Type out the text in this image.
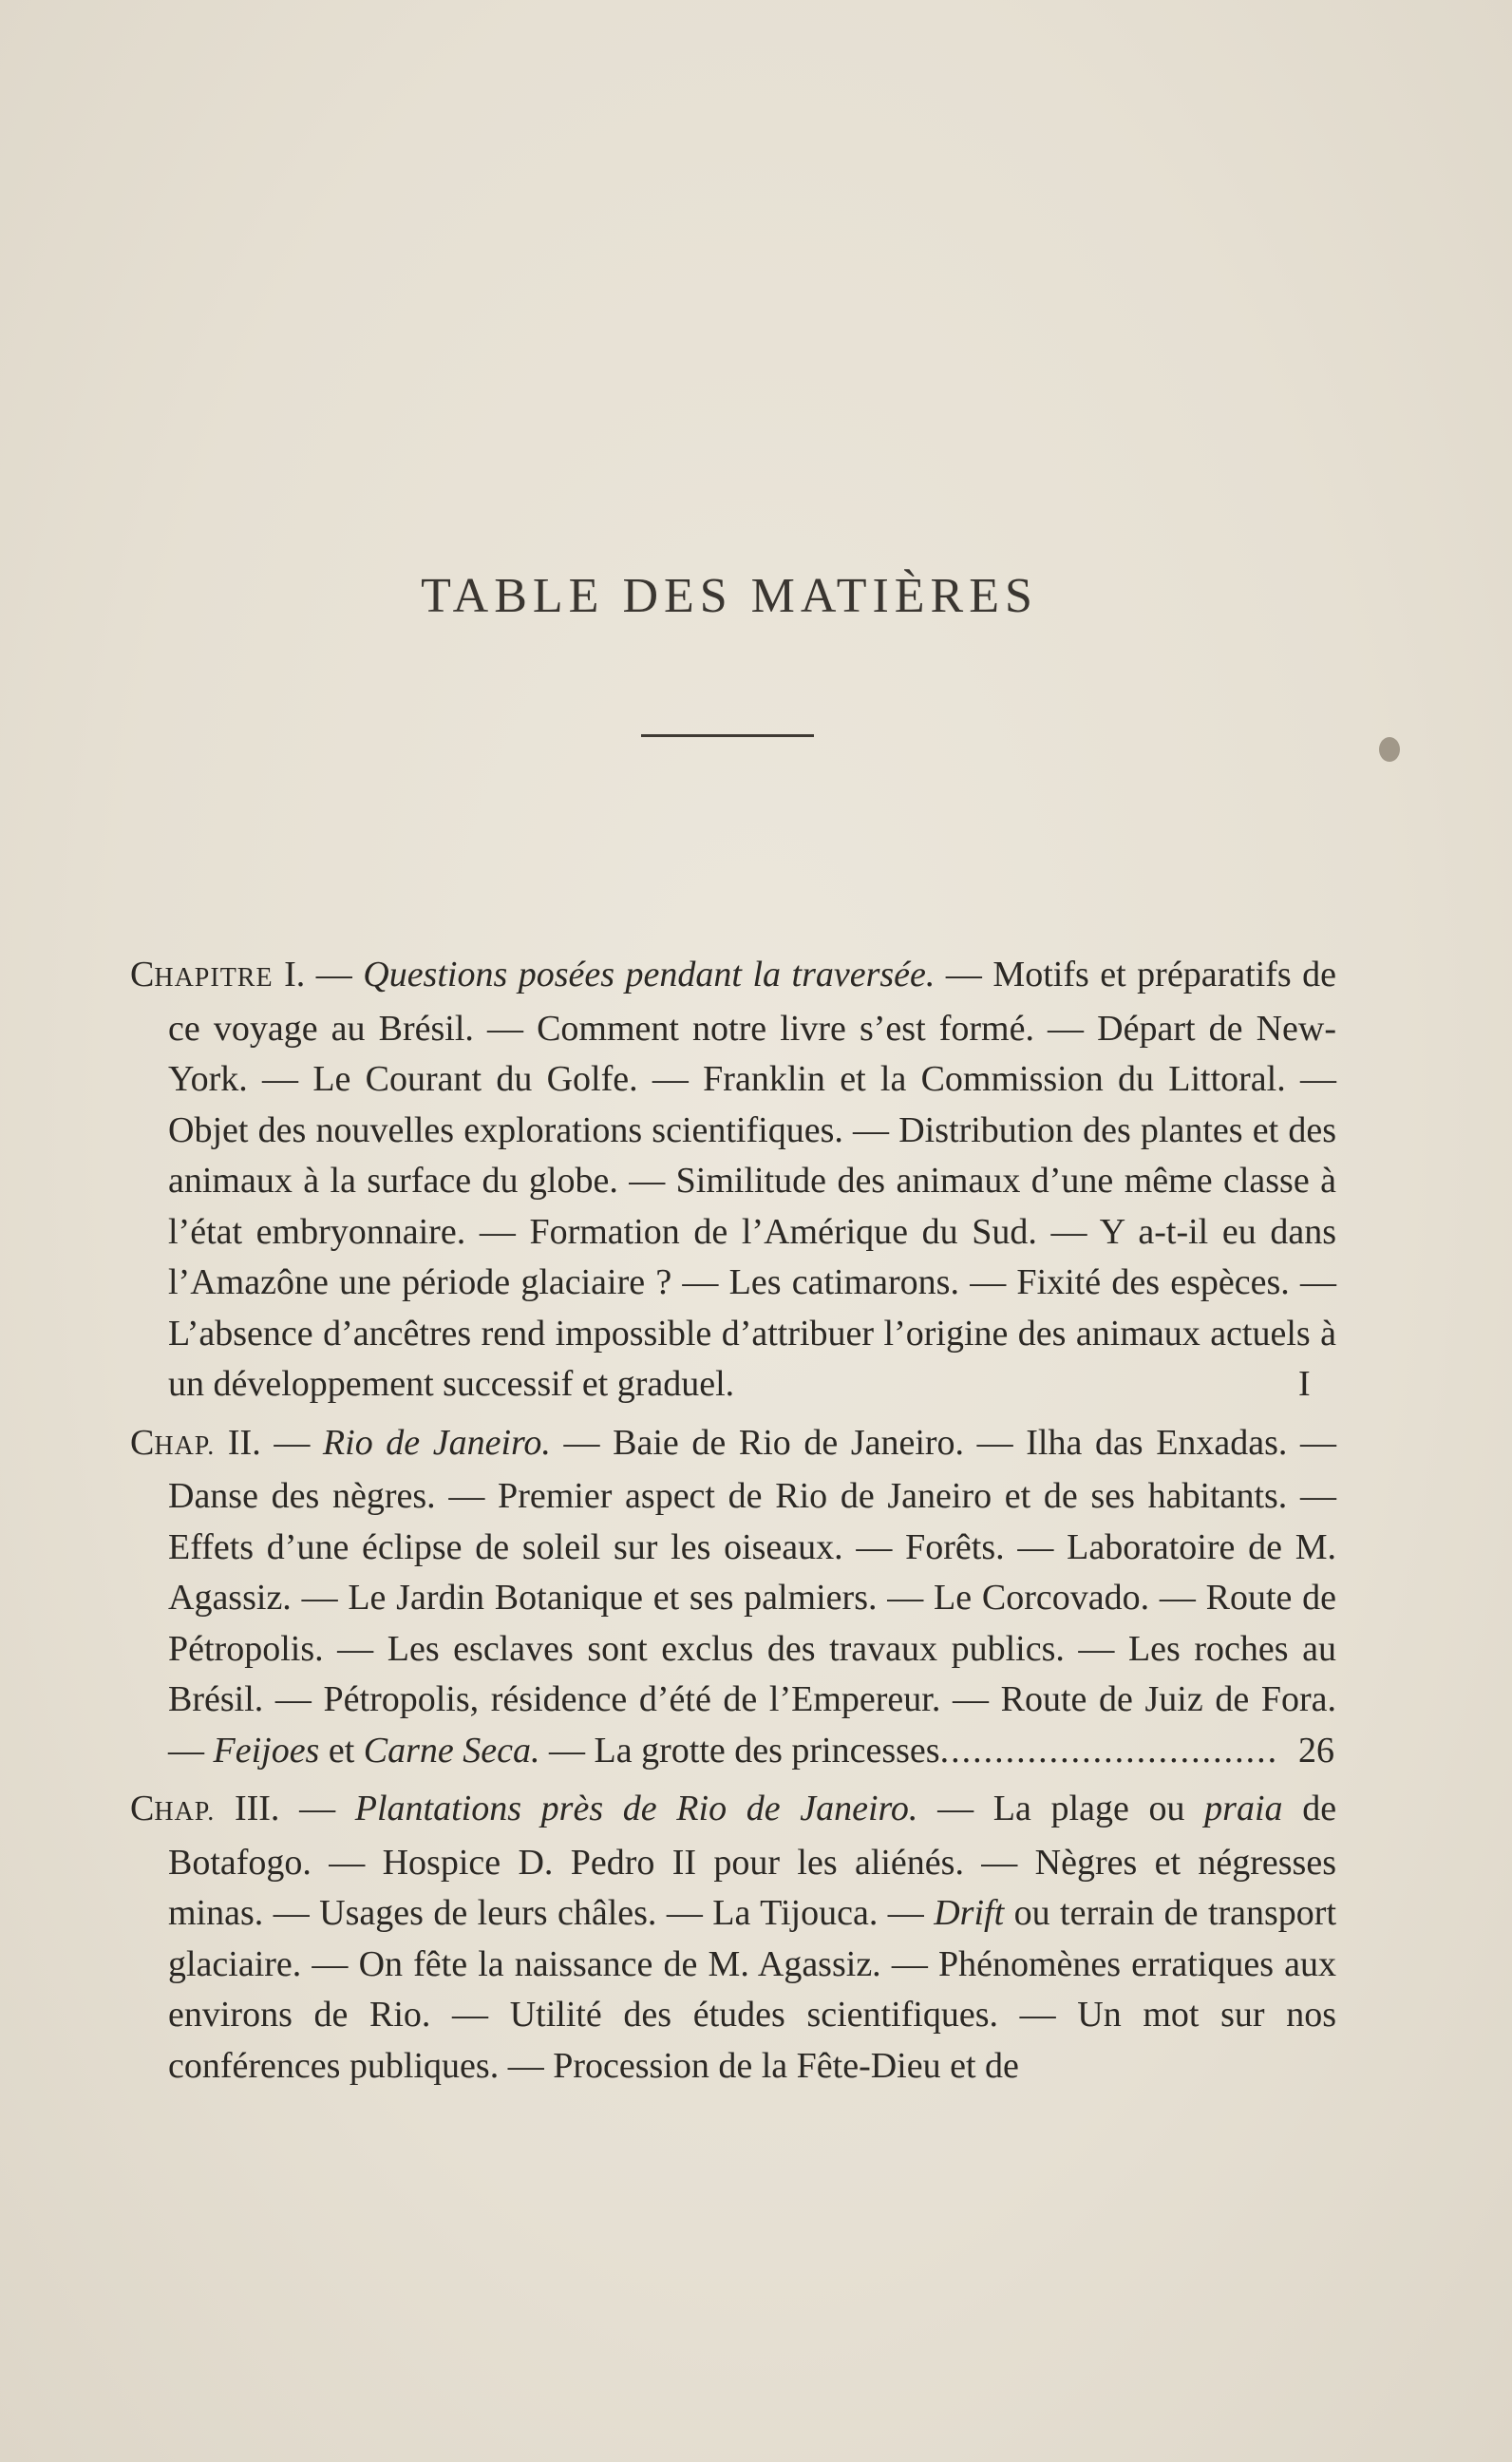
TABLE DES MATIÈRES

CHAPITRE I. — Questions posées pendant la traversée. — Motifs et préparatifs de ce voyage au Brésil. — Comment notre livre s’est formé. — Départ de New-York. — Le Courant du Golfe. — Franklin et la Commission du Littoral. — Objet des nouvelles explorations scientifiques. — Distribution des plantes et des animaux à la surface du globe. — Similitude des animaux d’une même classe à l’état embryonnaire. — Formation de l’Amérique du Sud. — Y a-t-il eu dans l’Amazône une période glaciaire ? — Les catimarons. — Fixité des espèces. — L’absence d’ancêtres rend impossible d’attribuer l’origine des animaux actuels à un développement successif et graduel.	I

CHAP. II. — Rio de Janeiro. — Baie de Rio de Janeiro. — Ilha das Enxadas. — Danse des nègres. — Premier aspect de Rio de Janeiro et de ses habitants. — Effets d’une éclipse de soleil sur les oiseaux. — Forêts. — Laboratoire de M. Agassiz. — Le Jardin Botanique et ses palmiers. — Le Corcovado. — Route de Pétropolis. — Les esclaves sont exclus des travaux publics. — Les roches au Brésil. — Pétropolis, résidence d’été de l’Empereur. — Route de Juiz de Fora. — Feijoes et Carne Seca. — La grotte des princesses............................... 26

CHAP. III. — Plantations près de Rio de Janeiro. — La plage ou praia de Botafogo. — Hospice D. Pedro II pour les aliénés. — Nègres et négresses minas. — Usages de leurs châles. — La Tijouca. — Drift ou terrain de transport glaciaire. — On fête la naissance de M. Agassiz. — Phénomènes erratiques aux environs de Rio. — Utilité des études scientifiques. — Un mot sur nos conférences publiques. — Procession de la Fête-Dieu et de
